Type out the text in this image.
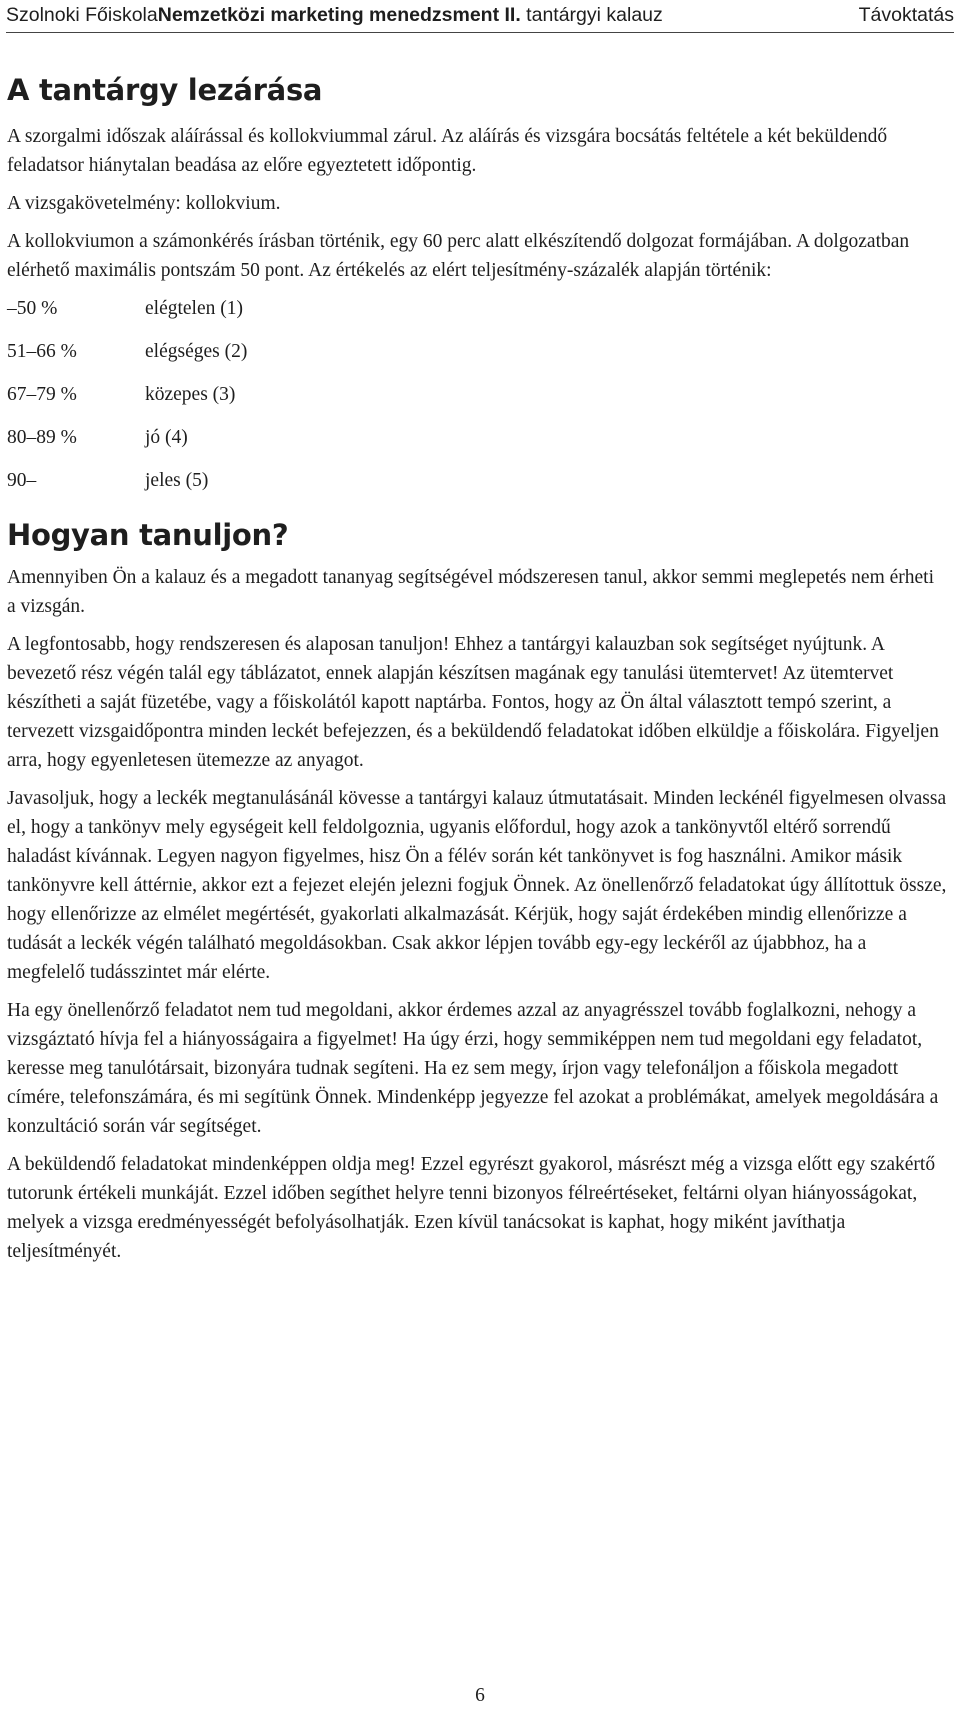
Szolnoki FőiskolaNemzetközi marketing menedzsment II. tantárgyi kalauz	Távoktatás
A tantárgy lezárása

A szorgalmi időszak aláírással és kollokviummal zárul. Az aláírás és vizsgára bocsátás feltétele a két beküldendő feladatsor hiánytalan beadása az előre egyeztetett időpontig.

A vizsgakövetelmény: kollokvium.

A kollokviumon a számonkérés írásban történik, egy 60 perc alatt elkészítendő dolgozat formájában. A dolgozatban elérhető maximális pontszám 50 pont. Az értékelés az elért teljesítmény-százalék alapján történik:

–50 %	elégtelen (1)
51–66 %	elégséges (2)
67–79 %	közepes (3)
80–89 %	jó (4)
90–	jeles (5)
Hogyan tanuljon?

Amennyiben Ön a kalauz és a megadott tananyag segítségével módszeresen tanul, akkor semmi meglepetés nem érheti a vizsgán.

A legfontosabb, hogy rendszeresen és alaposan tanuljon! Ehhez a tantárgyi kalauzban sok segítséget nyújtunk. A bevezető rész végén talál egy táblázatot, ennek alapján készítsen magának egy tanulási ütemtervet! Az ütemtervet készítheti a saját füzetébe, vagy a főiskolától kapott naptárba. Fontos, hogy az Ön által választott tempó szerint, a tervezett vizsgaidőpontra minden leckét befejezzen, és a beküldendő feladatokat időben elküldje a főiskolára. Figyeljen arra, hogy egyenletesen ütemezze az anyagot.

Javasoljuk, hogy a leckék megtanulásánál kövesse a tantárgyi kalauz útmutatásait. Minden leckénél figyelmesen olvassa el, hogy a tankönyv mely egységeit kell feldolgoznia, ugyanis előfordul, hogy azok a tankönyvtől eltérő sorrendű haladást kívánnak. Legyen nagyon figyelmes, hisz Ön a félév során két tankönyvet is fog használni. Amikor másik tankönyvre kell áttérnie, akkor ezt a fejezet elején jelezni fogjuk Önnek. Az önellenőrző feladatokat úgy állítottuk össze, hogy ellenőrizze az elmélet megértését, gyakorlati alkalmazását. Kérjük, hogy saját érdekében mindig ellenőrizze a tudását a leckék végén található megoldásokban. Csak akkor lépjen tovább egy-egy leckéről az újabbhoz, ha a megfelelő tudásszintet már elérte.

Ha egy önellenőrző feladatot nem tud megoldani, akkor érdemes azzal az anyagrésszel tovább foglalkozni, nehogy a vizsgáztató hívja fel a hiányosságaira a figyelmet! Ha úgy érzi, hogy semmiképpen nem tud megoldani egy feladatot, keresse meg tanulótársait, bizonyára tudnak segíteni. Ha ez sem megy, írjon vagy telefonáljon a főiskola megadott címére, telefonszámára, és mi segítünk Önnek. Mindenképp jegyezze fel azokat a problémákat, amelyek megoldására a konzultáció során vár segítséget.

A beküldendő feladatokat mindenképpen oldja meg! Ezzel egyrészt gyakorol, másrészt még a vizsga előtt egy szakértő tutorunk értékeli munkáját. Ezzel időben segíthet helyre tenni bizonyos félreértéseket, feltárni olyan hiányosságokat, melyek a vizsga eredményességét befolyásolhatják. Ezen kívül tanácsokat is kaphat, hogy miként javíthatja teljesítményét.

6
